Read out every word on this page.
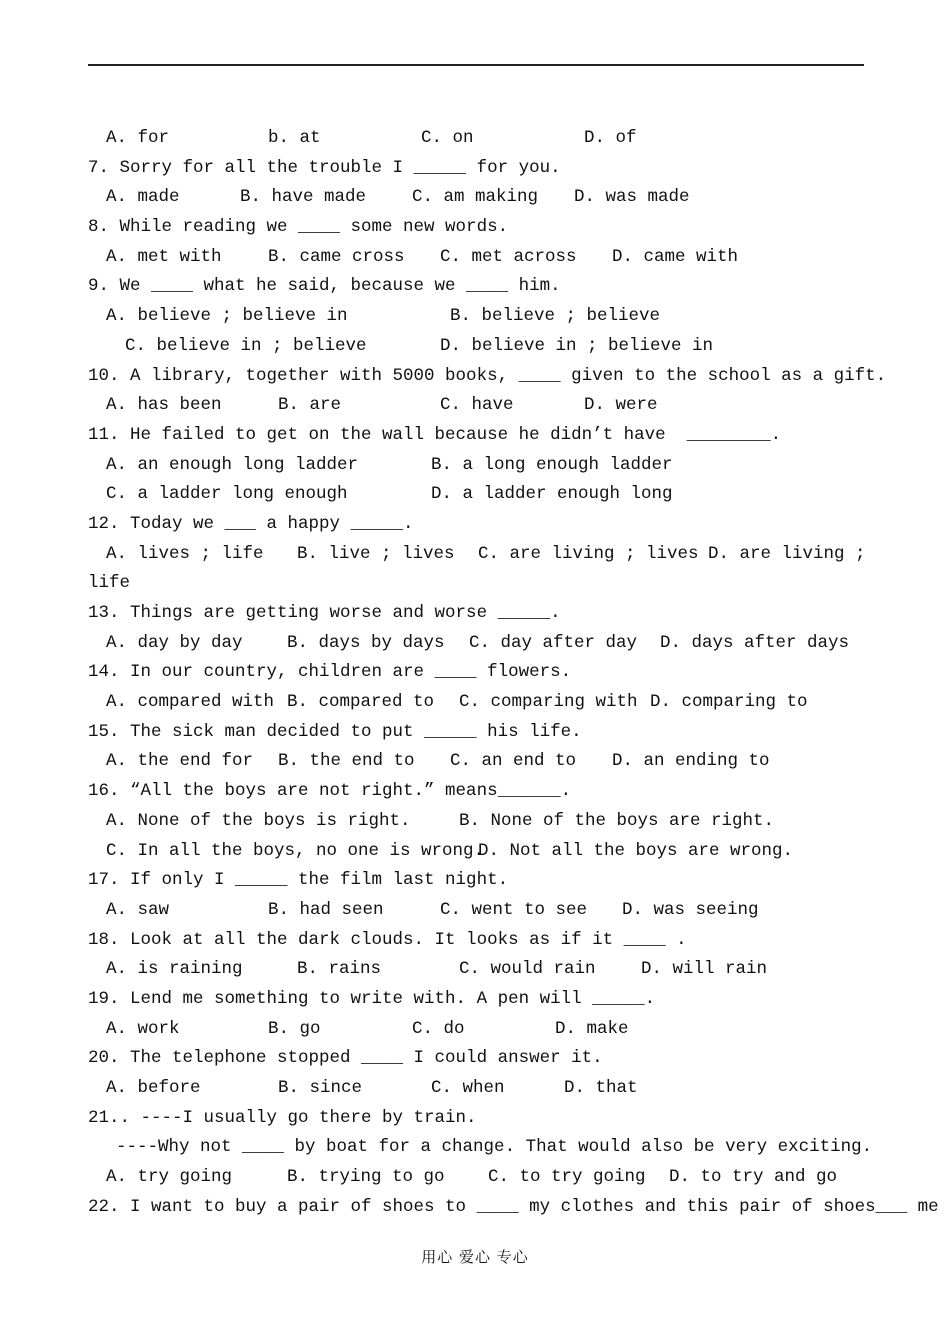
A. for

	b. at

	C. on

	D. of

7. Sorry for all the trouble I _____ for you.

A. made

	B. have made

	C. am making

D. was made

8. While reading we ____ some new words.

A. met with

	B. came cross

C. met across

D. came with

9. We ____ what he said, because we ____ him.

A. believe ; believe in

	B. believe ; believe

C. believe in ; believe

	D. believe in ; believe in

10. A library, together with 5000 books, ____ given to the school as a gift.

A. has been

	B. are

	C. have

	D. were

11. He failed to get on the wall because he didn’t have  ________.

A. an enough long ladder

	B. a long enough ladder

C. a ladder long enough

	D. a ladder enough long

12. Today we ___ a happy _____.

A. lives ; life

B. live ; lives

C. are living ; lives

D. are living ;

life
13. Things are getting worse and worse _____.

A. day by day

	B. days by days

C. day after day

D. days after days

14. In our country, children are ____ flowers.

A. compared with

B. compared to

C. comparing with

D. comparing to

15. The sick man decided to put _____ his life.

A. the end for

B. the end to

C. an end to

D. an ending to

16. “All the boys are not right.” means______.

A. None of the boys is right.

	B. None of the boys are right.

C. In all the boys, no one is wrong.

D. Not all the boys are wrong.

17. If only I _____ the film last night.

A. saw

	B. had seen

	C. went to see

D. was seeing

18. Look at all the dark clouds. It looks as if it ____ .

A. is raining

	B. rains

	C. would rain

	D. will rain

19. Lend me something to write with. A pen will _____.

A. work

	B. go

	C. do

	D. make

20. The telephone stopped ____ I could answer it.

A. before

	B. since

	C. when

	D. that

21.. ----I usually go there by train.
----Why not ____ by boat for a change. That would also be very exciting.

A. try going

	B. trying to go

C. to try going

D. to try and go

22. I want to buy a pair of shoes to ____ my clothes and this pair of shoes___ me
用心 爱心 专心
